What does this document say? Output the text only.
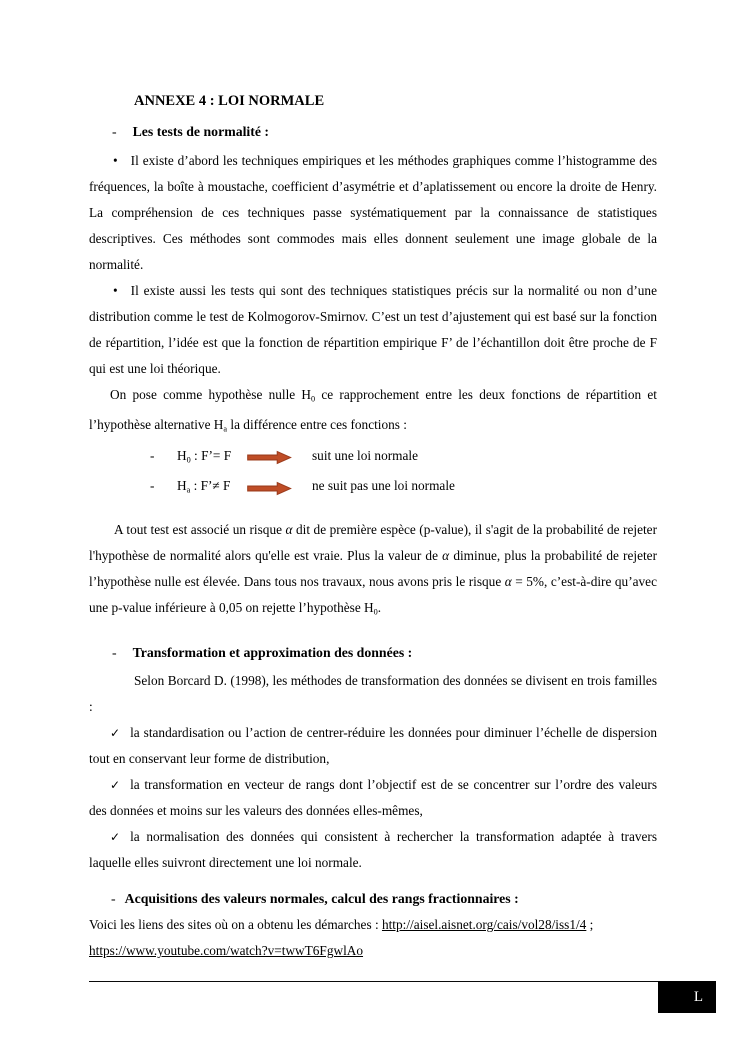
ANNEXE 4 : LOI NORMALE

- Les tests de normalité :

• Il existe d’abord les techniques empiriques et les méthodes graphiques comme l’histogramme des fréquences, la boîte à moustache, coefficient d’asymétrie et d’aplatissement ou encore la droite de Henry. La compréhension de ces techniques passe systématiquement par la connaissance de statistiques descriptives. Ces méthodes sont commodes mais elles donnent seulement une image globale de la normalité.

• Il existe aussi les tests qui sont des techniques statistiques précis sur la normalité ou non d’une distribution comme le test de Kolmogorov-Smirnov. C’est un test d’ajustement qui est basé sur la fonction de répartition, l’idée est que la fonction de répartition empirique F’ de l’échantillon doit être proche de F qui est une loi théorique.

On pose comme hypothèse nulle $H_0$ ce rapprochement entre les deux fonctions de répartition et l’hypothèse alternative $H_a$ la différence entre ces fonctions :

-	$H_0$ : F’= F	suit une loi normale
-	$H_a$ : F’≠ F	ne suit pas une loi normale

A tout test est associé un risque α dit de première espèce (p-value), il s'agit de la probabilité de rejeter l'hypothèse de normalité alors qu'elle est vraie. Plus la valeur de α diminue, plus la probabilité de rejeter l’hypothèse nulle est élevée. Dans tous nos travaux, nous avons pris le risque α = 5%, c’est-à-dire qu’avec une p-value inférieure à 0,05 on rejette l’hypothèse $H_0$.

- Transformation et approximation des données :

Selon Borcard D. (1998), les méthodes de transformation des données se divisent en trois familles :

✓ la standardisation ou l’action de centrer-réduire les données pour diminuer l’échelle de dispersion tout en conservant leur forme de distribution,

✓ la transformation en vecteur de rangs dont l’objectif est de se concentrer sur l’ordre des valeurs des données et moins sur les valeurs des données elles-mêmes,

✓ la normalisation des données qui consistent à rechercher la transformation adaptée à travers laquelle elles suivront directement une loi normale.

- Acquisitions des valeurs normales, calcul des rangs fractionnaires :

Voici les liens des sites où on a obtenu les démarches : http://aisel.aisnet.org/cais/vol28/iss1/4 ;
https://www.youtube.com/watch?v=twwT6FgwlAo

L
